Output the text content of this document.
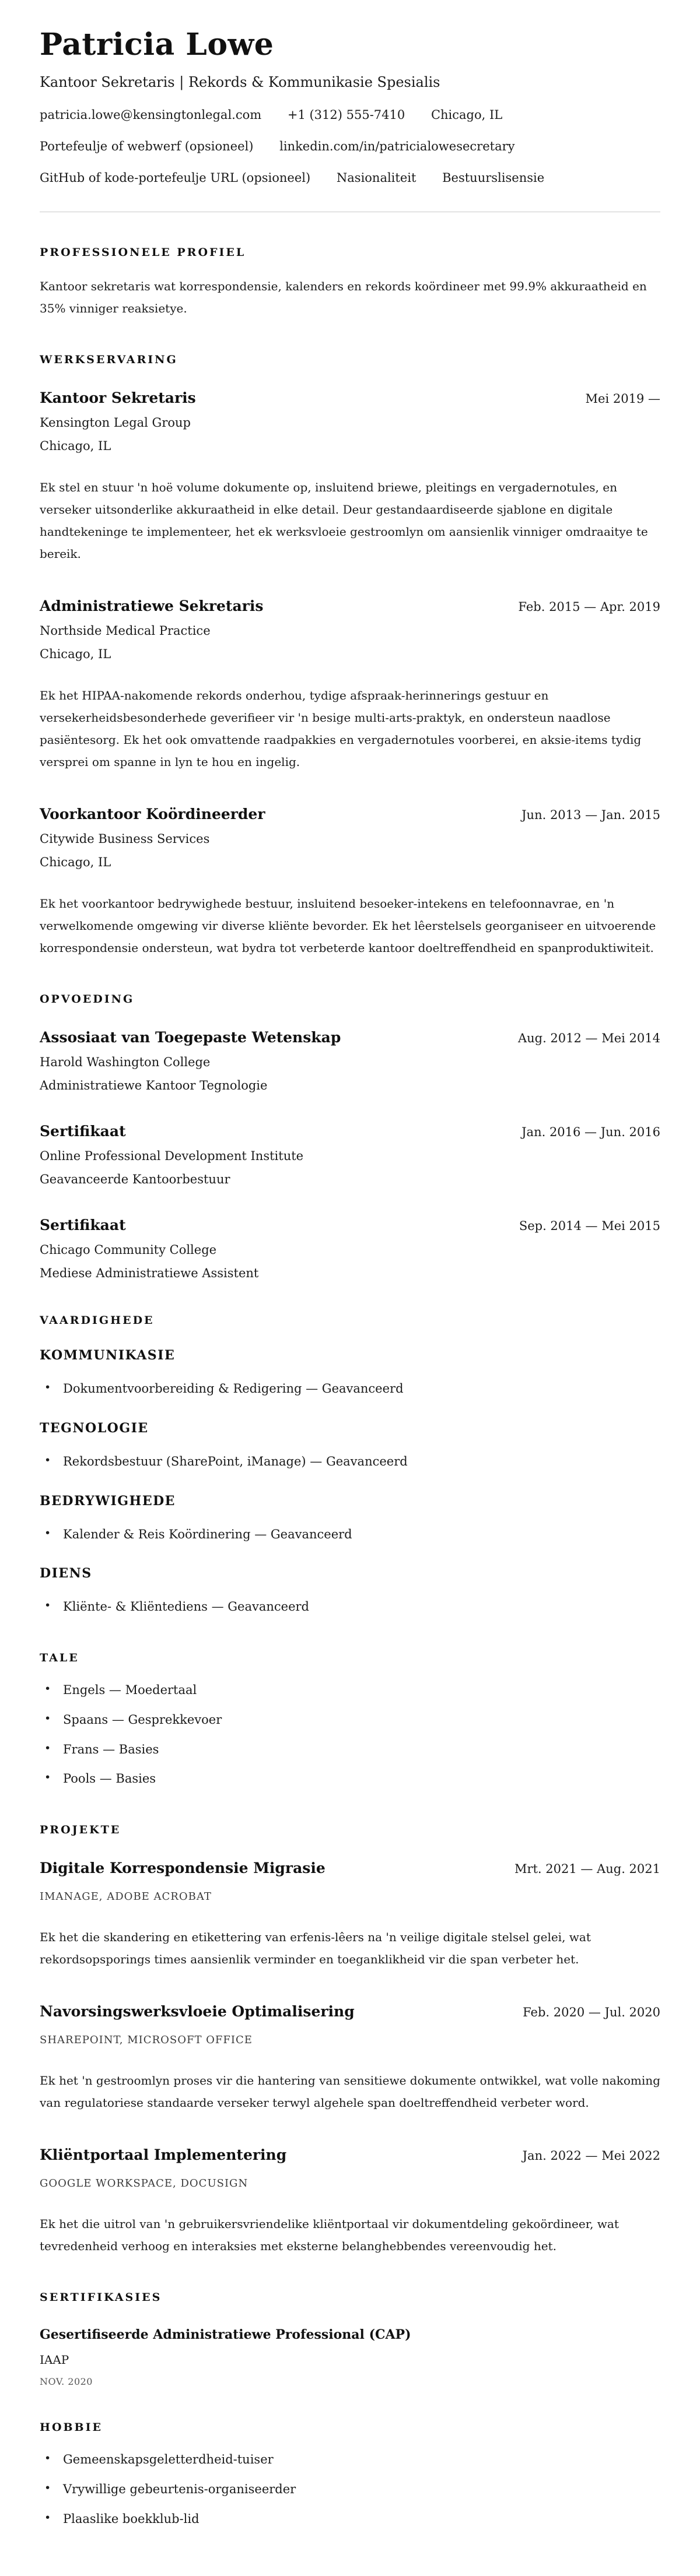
Patricia Lowe
Kantoor Sekretaris | Rekords & Kommunikasie Spesialis
patricia.lowe@kensingtonlegal.com +1 (312) 555-7410 Chicago, IL
Portefeulje of webwerf (opsioneel) linkedin.com/in/patricialowesecretary
GitHub of kode-portefeulje URL (opsioneel) Nasionaliteit Bestuurslisensie
PROFESSIONELE PROFIEL
Kantoor sekretaris wat korrespondensie, kalenders en rekords koördineer met 99.9% akkuraatheid en 35% vinniger reaksietye.
WERKSERVARING
Kantoor Sekretaris	Mei 2019 —
Kensington Legal Group
Chicago, IL
Ek stel en stuur 'n hoë volume dokumente op, insluitend briewe, pleitings en vergadernotules, en verseker uitsonderlike akkuraatheid in elke detail. Deur gestandaardiseerde sjablone en digitale handtekeninge te implementeer, het ek werksvloeie gestroomlyn om aansienlik vinniger omdraaitye te bereik.
Administratiewe Sekretaris	Feb. 2015 — Apr. 2019
Northside Medical Practice
Chicago, IL
Ek het HIPAA-nakomende rekords onderhou, tydige afspraak-herinnerings gestuur en versekerheidsbesonderhede geverifieer vir 'n besige multi-arts-praktyk, en ondersteun naadlose pasiëntesorg. Ek het ook omvattende raadpakkies en vergadernotules voorberei, en aksie-items tydig versprei om spanne in lyn te hou en ingelig.
Voorkantoor Koördineerder	Jun. 2013 — Jan. 2015
Citywide Business Services
Chicago, IL
Ek het voorkantoor bedrywighede bestuur, insluitend besoeker-intekens en telefoonnavrae, en 'n verwelkomende omgewing vir diverse kliënte bevorder. Ek het lêerstelsels georganiseer en uitvoerende korrespondensie ondersteun, wat bydra tot verbeterde kantoor doeltreffendheid en spanproduktiwiteit.
OPVOEDING
Assosiaat van Toegepaste Wetenskap	Aug. 2012 — Mei 2014
Harold Washington College
Administratiewe Kantoor Tegnologie
Sertifikaat	Jan. 2016 — Jun. 2016
Online Professional Development Institute
Geavanceerde Kantoorbestuur
Sertifikaat	Sep. 2014 — Mei 2015
Chicago Community College
Mediese Administratiewe Assistent
VAARDIGHEDE
KOMMUNIKASIE
• Dokumentvoorbereiding & Redigering — Geavanceerd
TEGNOLOGIE
• Rekordsbestuur (SharePoint, iManage) — Geavanceerd
BEDRYWIGHEDE
• Kalender & Reis Koördinering — Geavanceerd
DIENS
• Kliënte- & Kliëntediens — Geavanceerd
TALE
• Engels — Moedertaal
• Spaans — Gesprekkevoer
• Frans — Basies
• Pools — Basies
PROJEKTE
Digitale Korrespondensie Migrasie	Mrt. 2021 — Aug. 2021
IMANAGE, ADOBE ACROBAT
Ek het die skandering en etikettering van erfenis-lêers na 'n veilige digitale stelsel gelei, wat rekordsopsporings times aansienlik verminder en toeganklikheid vir die span verbeter het.
Navorsingswerksvloeie Optimalisering	Feb. 2020 — Jul. 2020
SHAREPOINT, MICROSOFT OFFICE
Ek het 'n gestroomlyn proses vir die hantering van sensitiewe dokumente ontwikkel, wat volle nakoming van regulatoriese standaarde verseker terwyl algehele span doeltreffendheid verbeter word.
Kliëntportaal Implementering	Jan. 2022 — Mei 2022
GOOGLE WORKSPACE, DOCUSIGN
Ek het die uitrol van 'n gebruikersvriendelike kliëntportaal vir dokumentdeling gekoördineer, wat tevredenheid verhoog en interaksies met eksterne belanghebbendes vereenvoudig het.
SERTIFIKASIES
Gesertifiseerde Administratiewe Professional (CAP)
IAAP
NOV. 2020
HOBBIE
• Gemeenskapsgeletterdheid-tuiser
• Vrywillige gebeurtenis-organiseerder
• Plaaslike boekklub-lid
